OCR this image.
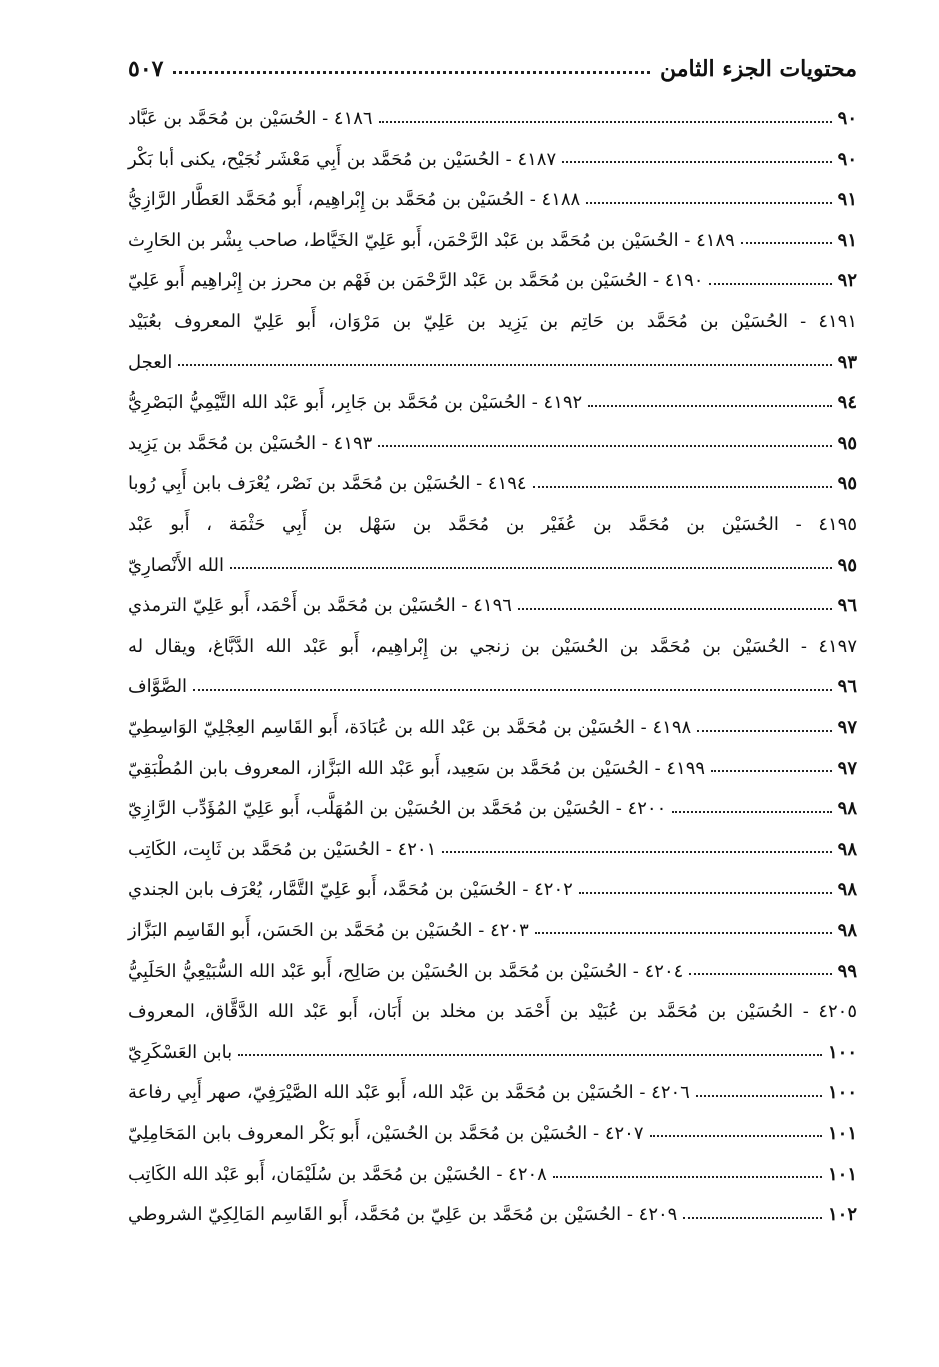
محتويات الجزء الثامن
٥٠٧
٤١٨٦ - الحُسَيْن بن مُحَمَّد بن عَبَّاد	٩٠
٤١٨٧ - الحُسَيْن بن مُحَمَّد بن أَبِي مَعْشَر نُجَيْح، يكنى أبا بَكْر	٩٠
٤١٨٨ - الحُسَيْن بن مُحَمَّد بن إِبْراهِيم، أَبو مُحَمَّد العَطَّار الرَّازِيُّ	٩١
٤١٨٩ - الحُسَيْن بن مُحَمَّد بن عَبْد الرَّحْمَن، أَبو عَلِيّ الخَيَّاط، صاحب بِشْر بن الحَارِث	٩١
٤١٩٠ - الحُسَيْن بن مُحَمَّد بن عَبْد الرَّحْمَن بن فَهْم بن محرز بن إِبْراهِيم أَبو عَلِيّ	٩٢
٤١٩١ - الحُسَيْن بن مُحَمَّد بن حَاتِم بن يَزِيد بن عَلِيّ بن مَرْوَان، أَبو عَلِيّ المعروف بعُبَيْد
العجل	٩٣
٤١٩٢ - الحُسَيْن بن مُحَمَّد بن جَابِر، أَبو عَبْد الله التَّيْمِيُّ البَصْرِيُّ	٩٤
٤١٩٣ - الحُسَيْن بن مُحَمَّد بن يَزِيد	٩٥
٤١٩٤ - الحُسَيْن بن مُحَمَّد بن نَصْر، يُعْرَف بابن أَبِي رُوبا	٩٥
٤١٩٥ - الحُسَيْن بن مُحَمَّد بن عُفَيْر بن مُحَمَّد بن سَهْل بن أَبِي حَثْمَة ، أَبو عَبْد
الله الأَنْصارِيّ	٩٥
٤١٩٦ - الحُسَيْن بن مُحَمَّد بن أَحْمَد، أَبو عَلِيّ الترمذي	٩٦
٤١٩٧ - الحُسَيْن بن مُحَمَّد بن الحُسَيْن بن زنجي بن إِبْراهِيم، أَبو عَبْد الله الدَّبَّاغ، ويقال له
الصَّوَّاف	٩٦
٤١٩٨ - الحُسَيْن بن مُحَمَّد بن عَبْد الله بن عُبَادَة، أَبو القَاسِم العِجْلِيّ الوَاسِطِيّ	٩٧
٤١٩٩ - الحُسَيْن بن مُحَمَّد بن سَعِيد، أَبو عَبْد الله البَزَّاز، المعروف بابن المُطْبَقِيّ	٩٧
٤٢٠٠ - الحُسَيْن بن مُحَمَّد بن الحُسَيْن بن المُهَلَّب، أَبو عَلِيّ المُؤَدِّب الرَّازِيّ	٩٨
٤٢٠١ - الحُسَيْن بن مُحَمَّد بن ثَابِت، الكَاتِب	٩٨
٤٢٠٢ - الحُسَيْن بن مُحَمَّد، أَبو عَلِيّ التَّمَّار، يُعْرَف بابن الجندي	٩٨
٤٢٠٣ - الحُسَيْن بن مُحَمَّد بن الحَسَن، أَبو القَاسِم البَزَّاز	٩٨
٤٢٠٤ - الحُسَيْن بن مُحَمَّد بن الحُسَيْن بن صَالِح، أَبو عَبْد الله السُّبَيْعِيُّ الحَلَبِيُّ	٩٩
٤٢٠٥ - الحُسَيْن بن مُحَمَّد بن عُبَيْد بن أَحْمَد بن مخلد بن أَبَان، أَبو عَبْد الله الدَّقَّاق، المعروف
بابن العَسْكَرِيّ	١٠٠
٤٢٠٦ - الحُسَيْن بن مُحَمَّد بن عَبْد الله، أَبو عَبْد الله الصَّيْرَفِيّ، صهر أَبِي رفاعة	١٠٠
٤٢٠٧ - الحُسَيْن بن مُحَمَّد بن الحُسَيْن، أَبو بَكْر المعروف بابن المَحَامِلِيّ	١٠١
٤٢٠٨ - الحُسَيْن بن مُحَمَّد بن سُلَيْمَان، أَبو عَبْد الله الكَاتِب	١٠١
٤٢٠٩ - الحُسَيْن بن مُحَمَّد بن عَلِيّ بن مُحَمَّد، أَبو القَاسِم المَالِكِيّ الشروطي	١٠٢
